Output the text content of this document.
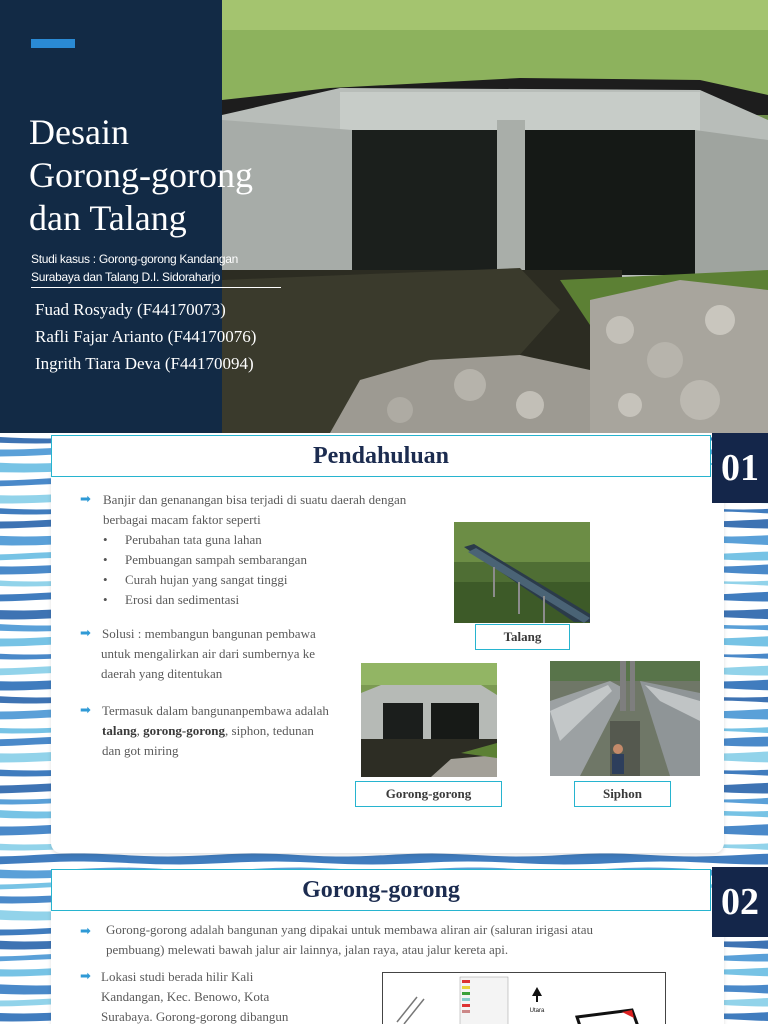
Desain
Gorong-gorong
dan Talang
Studi kasus : Gorong-gorong Kandangan
Surabaya dan Talang D.I. Sidoraharjo
Fuad Rosyady (F44170073)
Rafli Fajar Arianto (F44170076)
Ingrith Tiara Deva (F44170094)
Pendahuluan	01
➡ Banjir dan genanangan bisa terjadi di suatu daerah dengan
berbagai macam faktor seperti
• Perubahan tata guna lahan
• Pembuangan sampah sembarangan
• Curah hujan yang sangat tinggi
• Erosi dan sedimentasi
➡ Solusi : membangun bangunan pembawa
untuk mengalirkan air dari sumbernya ke
daerah yang ditentukan
➡ Termasuk dalam bangunanpembawa adalah
talang, gorong-gorong, siphon, tedunan
dan got miring
Talang
Gorong-gorong	Siphon
Gorong-gorong	02
➡	Gorong-gorong adalah bangunan yang dipakai untuk membawa aliran air (saluran irigasi atau
pembuang) melewati bawah jalur air lainnya, jalan raya, atau jalur kereta api.
➡ Lokasi studi berada hilir Kali
Kandangan, Kec. Benowo, Kota
Surabaya. Gorong-gorong dibangun	Utara
